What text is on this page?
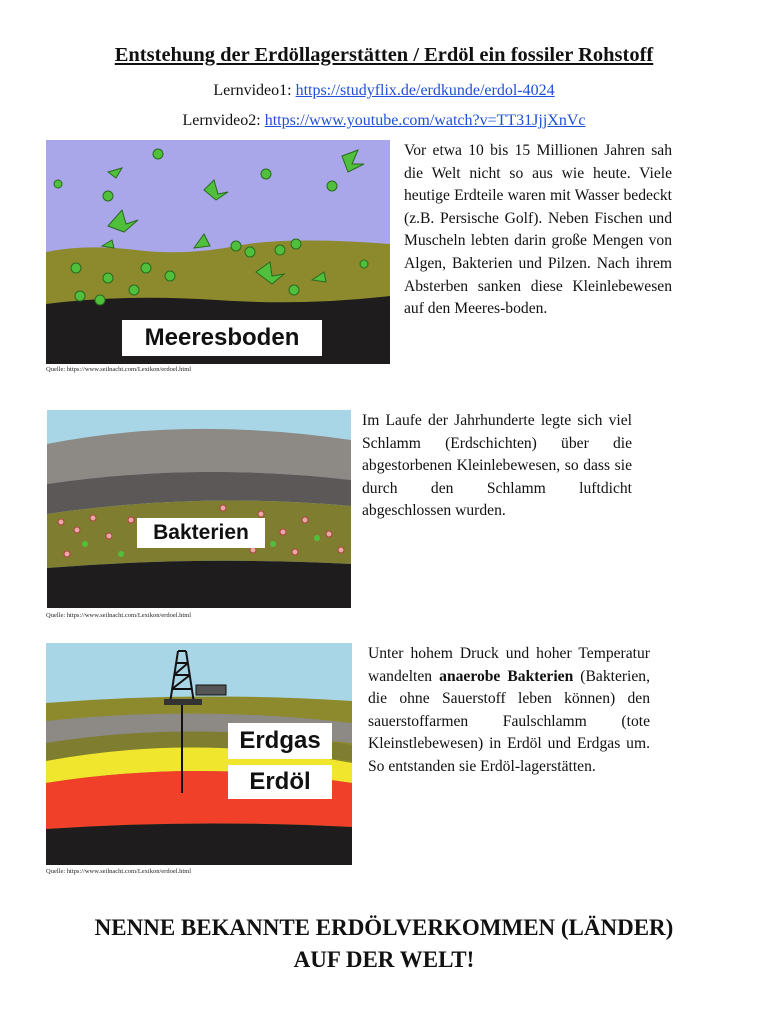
Entstehung der Erdöllagerstätten / Erdöl ein fossiler Rohstoff
Lernvideo1: https://studyflix.de/erdkunde/erdol-4024
Lernvideo2: https://www.youtube.com/watch?v=TT31JjjXnVc
Meeresboden
Quelle: https://www.seilnacht.com/Lexikon/erdoel.html

Vor etwa 10 bis 15 Millionen Jahren sah die Welt nicht so aus wie heute. Viele heutige Erdteile waren mit Wasser bedeckt (z.B. Persische Golf). Neben Fischen und Muscheln lebten darin große Mengen von Algen, Bakterien und Pilzen. Nach ihrem Absterben sanken diese Kleinlebewesen auf den Meeres-boden.

Bakterien
Quelle: https://www.seilnacht.com/Lexikon/erdoel.html

Im Laufe der Jahrhunderte legte sich viel Schlamm (Erdschichten) über die abgestorbenen Kleinlebewesen, so dass sie durch den Schlamm luftdicht abgeschlossen wurden.

Erdgas
Erdöl
Quelle: https://www.seilnacht.com/Lexikon/erdoel.html

Unter hohem Druck und hoher Temperatur wandelten anaerobe Bakterien (Bakterien, die ohne Sauerstoff leben können) den sauerstoffarmen Faulschlamm (tote Kleinstlebewesen) in Erdöl und Erdgas um. So entstanden sie Erdöl-lagerstätten.

NENNE BEKANNTE ERDÖLVERKOMMEN (LÄNDER)
AUF DER WELT!
